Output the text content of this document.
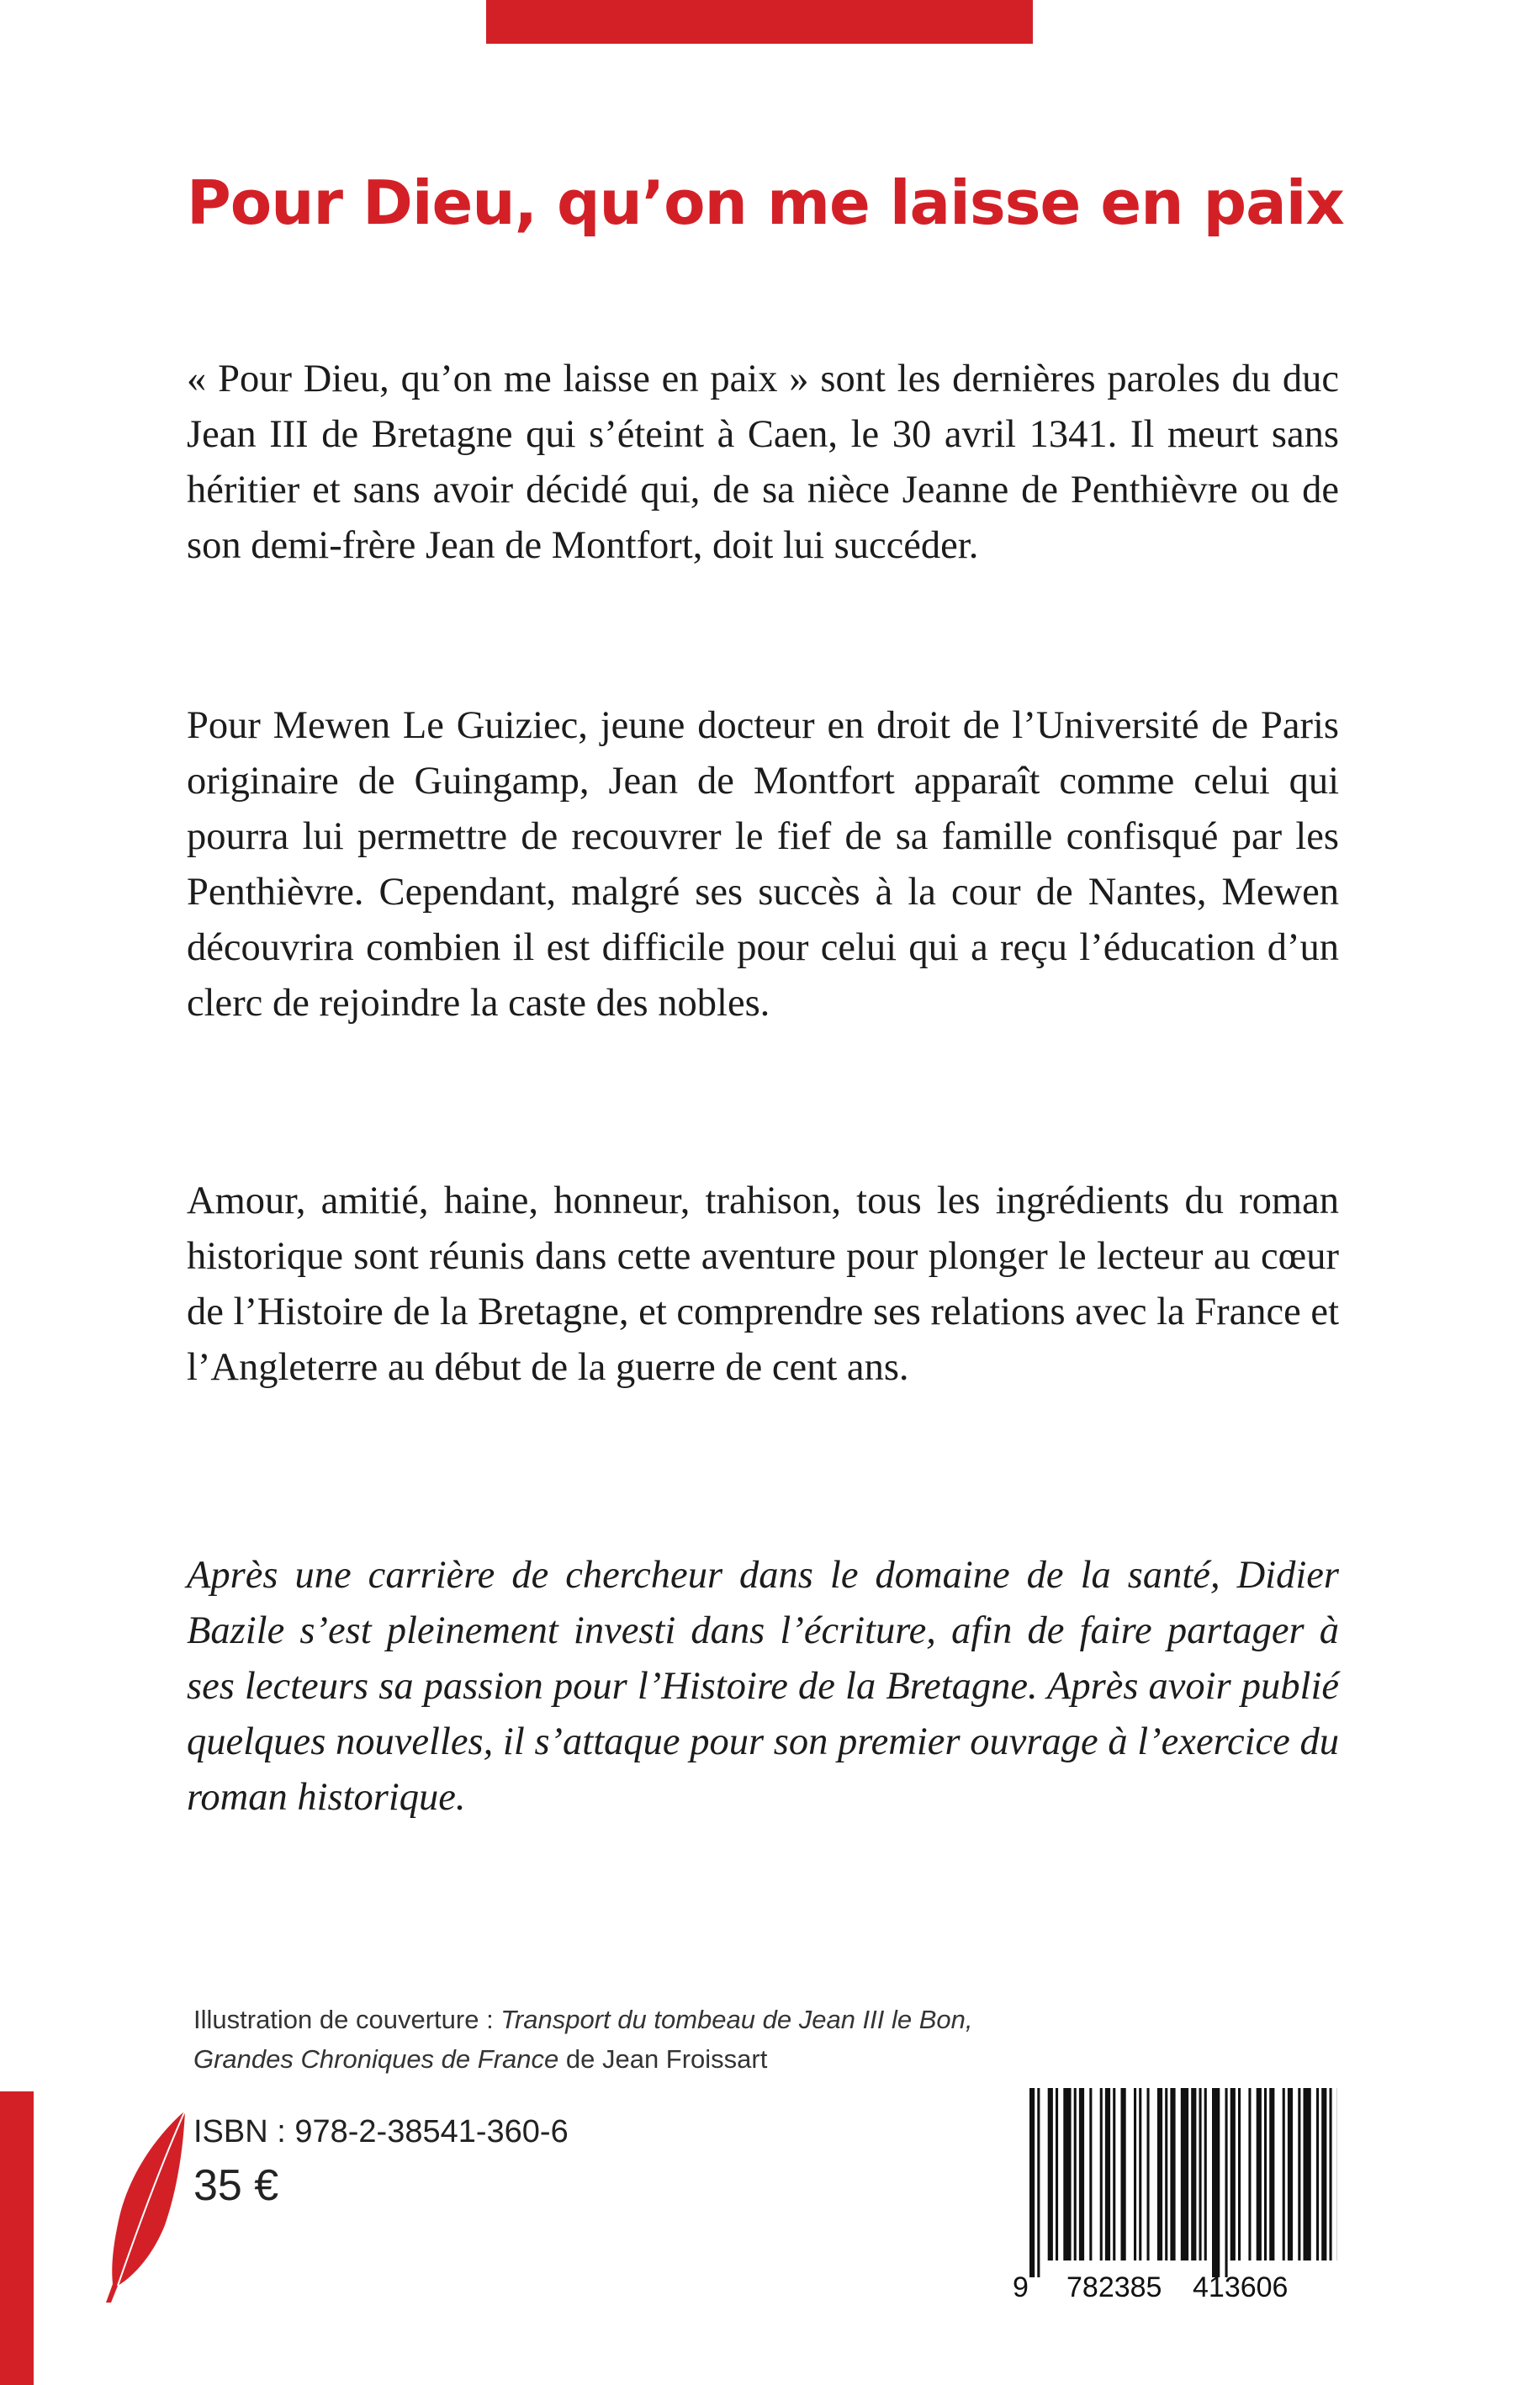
Pour Dieu, qu’on me laisse en paix

« Pour Dieu, qu’on me laisse en paix » sont les dernières paroles du duc Jean III de Bretagne qui s’éteint à Caen, le 30 avril 1341. Il meurt sans héritier et sans avoir décidé qui, de sa nièce Jeanne de Penthièvre ou de son demi-frère Jean de Montfort, doit lui succéder.

Pour Mewen Le Guiziec, jeune docteur en droit de l’Université de Paris originaire de Guingamp, Jean de Montfort apparaît comme celui qui pourra lui permettre de recouvrer le fief de sa famille confisqué par les Penthièvre. Cependant, malgré ses succès à la cour de Nantes, Mewen découvrira combien il est difficile pour celui qui a reçu l’éducation d’un clerc de rejoindre la caste des nobles.

Amour, amitié, haine, honneur, trahison, tous les ingrédients du roman historique sont réunis dans cette aventure pour plonger le lecteur au cœur de l’Histoire de la Bretagne, et comprendre ses relations avec la France et l’Angleterre au début de la guerre de cent ans.

Après une carrière de chercheur dans le domaine de la santé, Didier Bazile s’est pleinement investi dans l’écriture, afin de faire partager à ses lecteurs sa passion pour l’Histoire de la Bretagne. Après avoir publié quelques nouvelles, il s’attaque pour son premier ouvrage à l’exercice du roman historique.

Illustration de couverture : Transport du tombeau de Jean III le Bon, Grandes Chroniques de France de Jean Froissart
ISBN : 978-2-38541-360-6
35 €
9 782385 413606
